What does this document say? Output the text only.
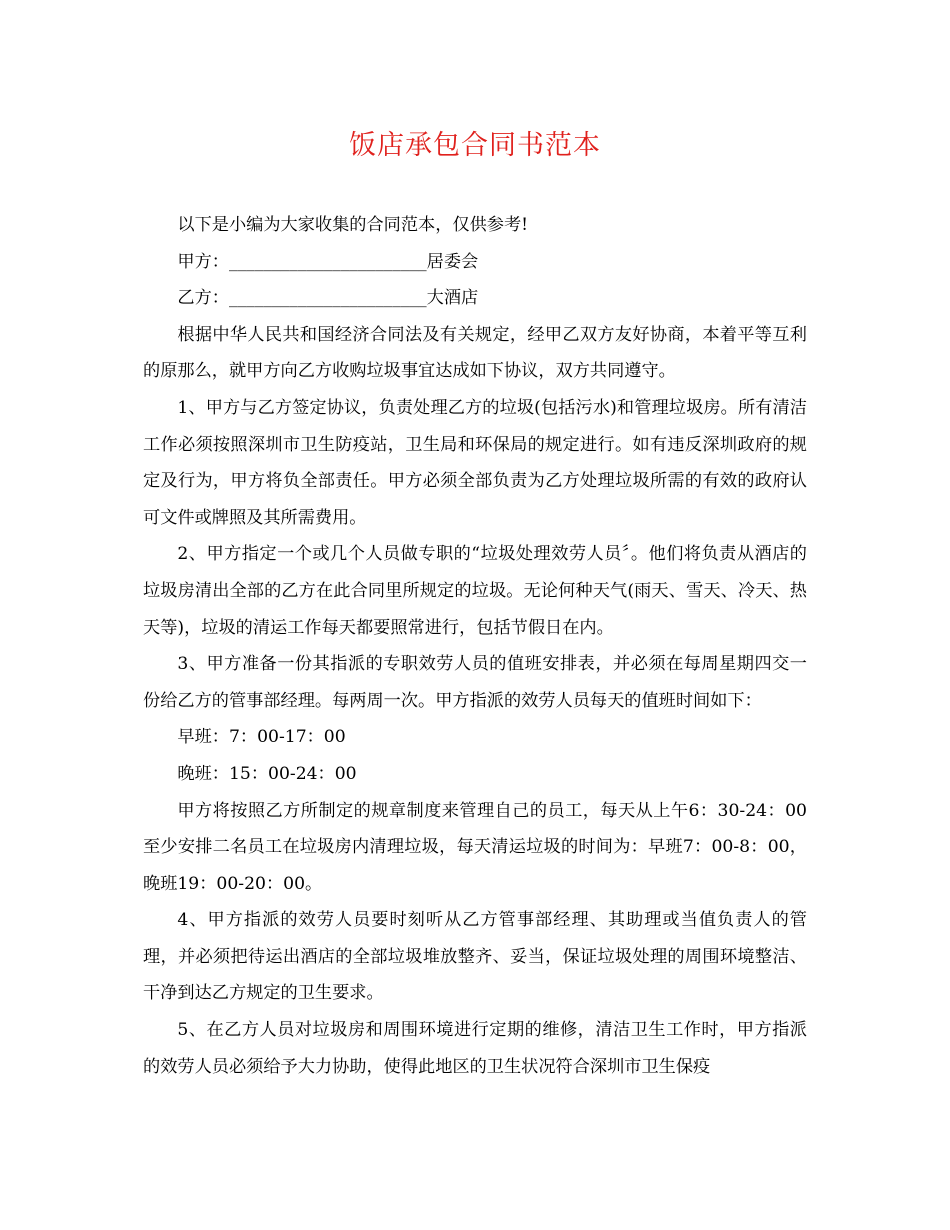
饭店承包合同书范本

以下是小编为大家收集的合同范本，仅供参考!

甲方：_______________________居委会

乙方：_______________________大酒店

根据中华人民共和国经济合同法及有关规定，经甲乙双方友好协商，本着平等互利的原那么，就甲方向乙方收购垃圾事宜达成如下协议，双方共同遵守。

1、甲方与乙方签定协议，负责处理乙方的垃圾(包括污水)和管理垃圾房。所有清洁工作必须按照深圳市卫生防疫站，卫生局和环保局的规定进行。如有违反深圳政府的规定及行为，甲方将负全部责任。甲方必须全部负责为乙方处理垃圾所需的有效的政府认可文件或牌照及其所需费用。

2、甲方指定一个或几个人员做专职的“垃圾处理效劳人员〞。他们将负责从酒店的垃圾房清出全部的乙方在此合同里所规定的垃圾。无论何种天气(雨天、雪天、冷天、热天等)，垃圾的清运工作每天都要照常进行，包括节假日在内。

3、甲方准备一份其指派的专职效劳人员的值班安排表，并必须在每周星期四交一份给乙方的管事部经理。每两周一次。甲方指派的效劳人员每天的值班时间如下：

早班：7：00-17：00

晚班：15：00-24：00

甲方将按照乙方所制定的规章制度来管理自己的员工，每天从上午6：30-24：00至少安排二名员工在垃圾房内清理垃圾，每天清运垃圾的时间为：早班7：00-8：00，晚班19：00-20：00。

4、甲方指派的效劳人员要时刻听从乙方管事部经理、其助理或当值负责人的管理，并必须把待运出酒店的全部垃圾堆放整齐、妥当，保证垃圾处理的周围环境整洁、干净到达乙方规定的卫生要求。

5、在乙方人员对垃圾房和周围环境进行定期的维修，清洁卫生工作时，甲方指派的效劳人员必须给予大力协助，使得此地区的卫生状况符合深圳市卫生保疫
